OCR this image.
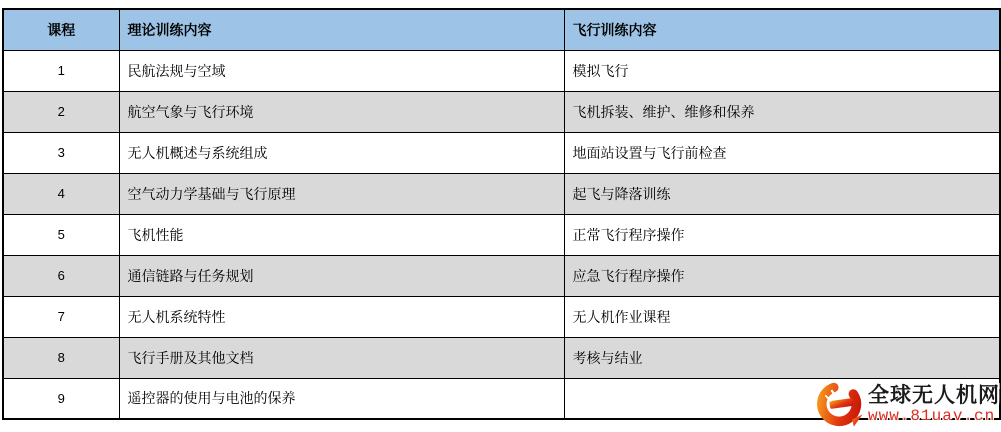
课程	理论训练内容	飞行训练内容
1	民航法规与空域	模拟飞行
2	航空气象与飞行环境	飞机拆装、维护、维修和保养
3	无人机概述与系统组成	地面站设置与飞行前检查
4	空气动力学基础与飞行原理	起飞与降落训练
5	飞机性能	正常飞行程序操作
6	通信链路与任务规划	应急飞行程序操作
7	无人机系统特性	无人机作业课程
8	飞行手册及其他文档	考核与结业
9	遥控器的使用与电池的保养		全球无人机网
www.81uav.cn
